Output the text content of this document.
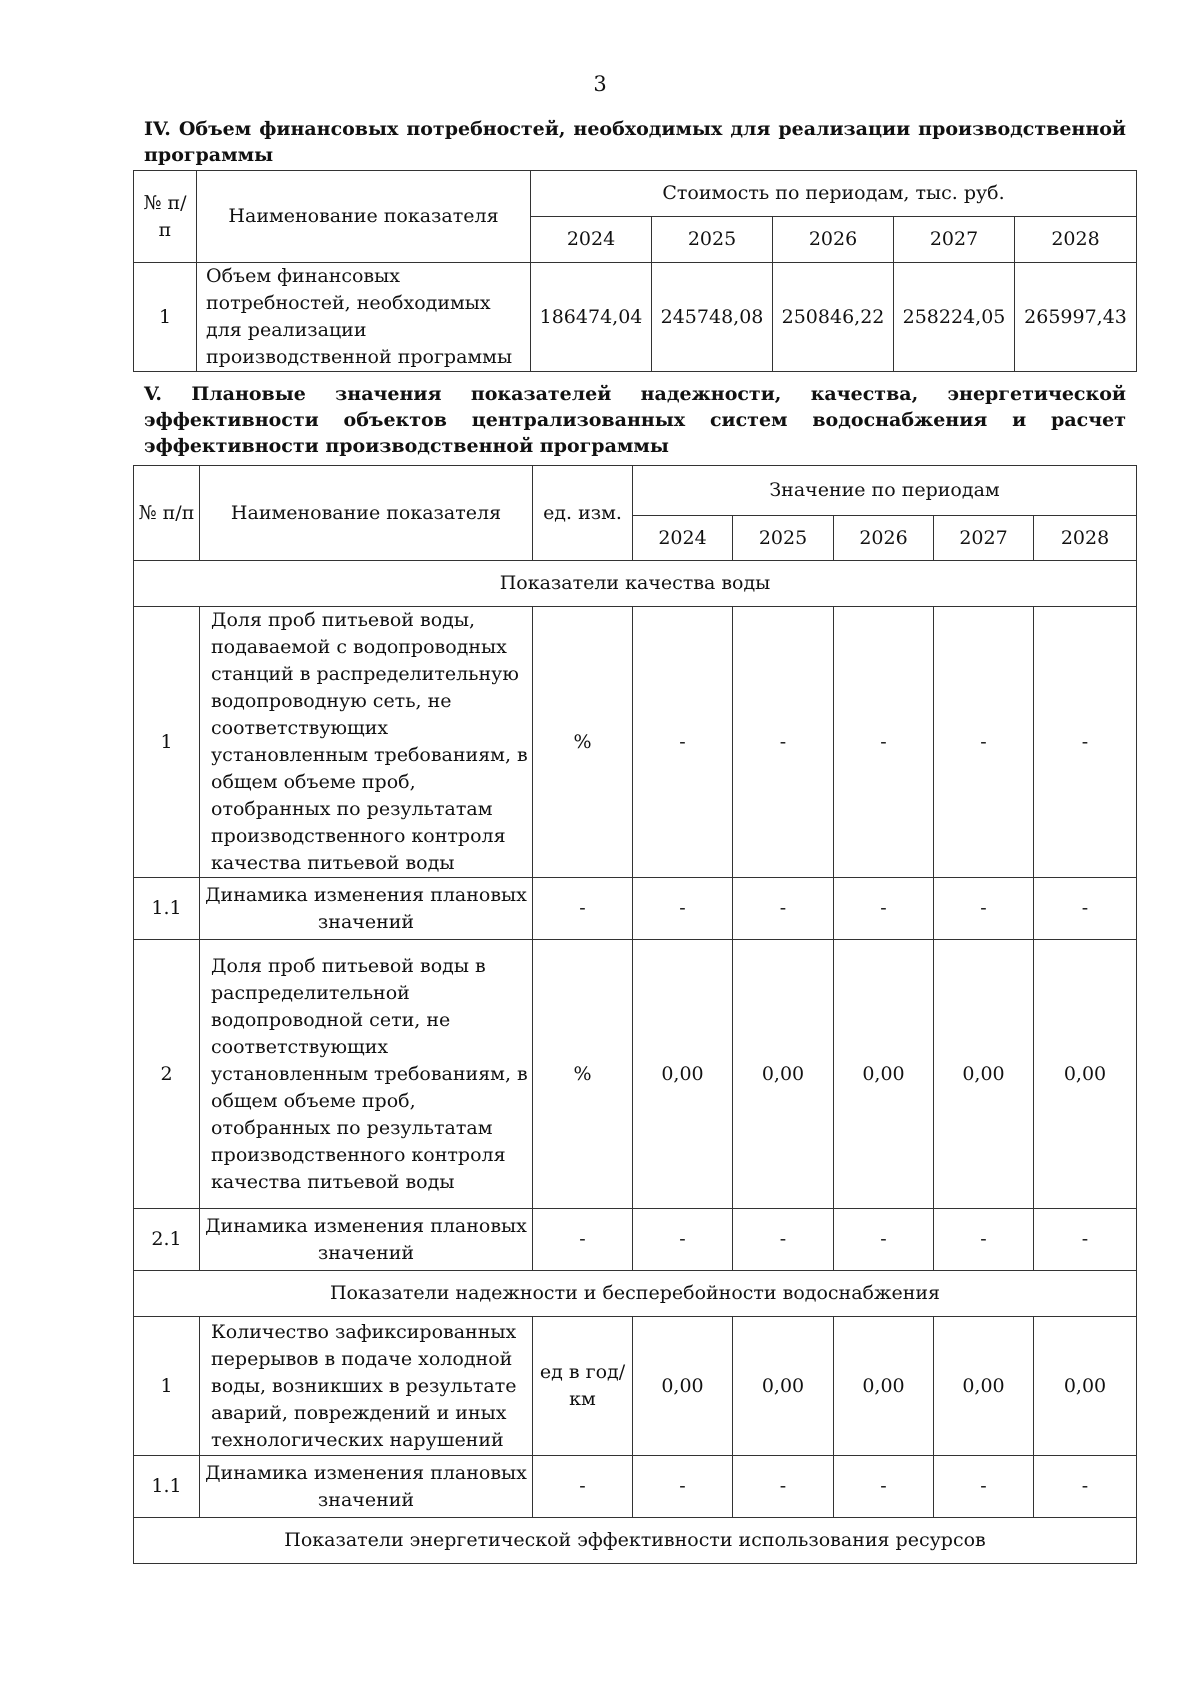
3
IV. Объем финансовых потребностей, необходимых для реализации производственной программы
№ п/п	Наименование показателя	Стоимость по периодам, тыс. руб.				
		2024	2025	2026	2027	2028
1	Объем финансовых потребностей, необходимых для реализации производственной программы	186474,04	245748,08	250846,22	258224,05	265997,43
V. Плановые значения показателей надежности, качества, энергетической эффективности объектов централизованных систем водоснабжения и расчет эффективности производственной программы
№ п/п	Наименование показателя	ед. изм.	Значение по периодам				
			2024	2025	2026	2027	2028
Показатели качества воды							
1	Доля проб питьевой воды, подаваемой с водопроводных станций в распределительную водопроводную сеть, не соответствующих установленным требованиям, в общем объеме проб, отобранных по результатам производственного контроля качества питьевой воды	%	-	-	-	-	-
1.1	Динамика изменения плановых значений	-	-	-	-	-	-
2	Доля проб питьевой воды в распределительной водопроводной сети, не соответствующих установленным требованиям, в общем объеме проб, отобранных по результатам производственного контроля качества питьевой воды	%	0,00	0,00	0,00	0,00	0,00
2.1	Динамика изменения плановых значений	-	-	-	-	-	-
Показатели надежности и бесперебойности водоснабжения							
1	Количество зафиксированных перерывов в подаче холодной воды, возникших в результате аварий, повреждений и иных технологических нарушений	ед в год/ км	0,00	0,00	0,00	0,00	0,00
1.1	Динамика изменения плановых значений	-	-	-	-	-	-
Показатели энергетической эффективности использования ресурсов							
